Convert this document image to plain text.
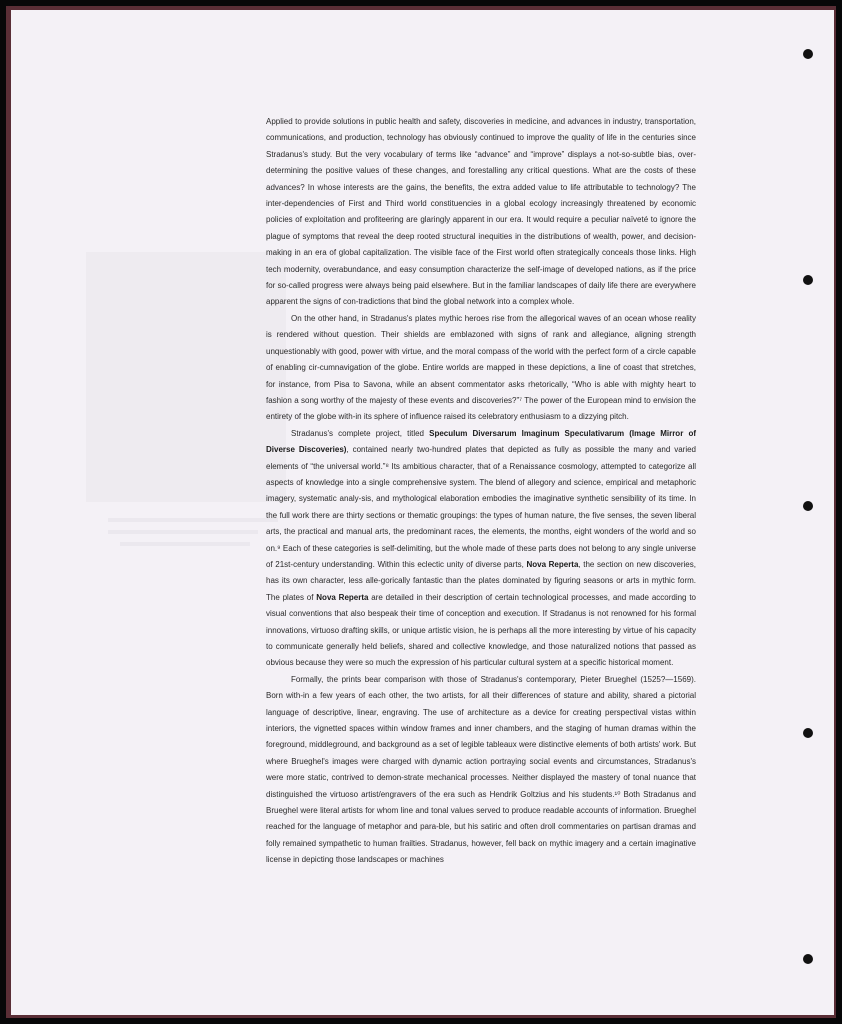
Applied to provide solutions in public health and safety, discoveries in medicine, and advances in industry, transportation, communications, and production, technology has obviously continued to improve the quality of life in the centuries since Stradanus's study. But the very vocabulary of terms like “advance” and “improve” displays a not-so-subtle bias, over-determining the positive values of these changes, and forestalling any critical questions. What are the costs of these advances? In whose interests are the gains, the benefits, the extra added value to life attributable to technology? The inter-dependencies of First and Third world constituencies in a global ecology increasingly threatened by economic policies of exploitation and profiteering are glaringly apparent in our era. It would require a peculiar naïveté to ignore the plague of symptoms that reveal the deep rooted structural inequities in the distributions of wealth, power, and decision-making in an era of global capitalization. The visible face of the First world often strategically conceals those links. High tech modernity, overabundance, and easy consumption characterize the self-image of developed nations, as if the price for so-called progress were always being paid elsewhere. But in the familiar landscapes of daily life there are everywhere apparent the signs of con-tradictions that bind the global network into a complex whole.

On the other hand, in Stradanus's plates mythic heroes rise from the allegorical waves of an ocean whose reality is rendered without question. Their shields are emblazoned with signs of rank and allegiance, aligning strength unquestionably with good, power with virtue, and the moral compass of the world with the perfect form of a circle capable of enabling cir-cumnavigation of the globe. Entire worlds are mapped in these depictions, a line of coast that stretches, for instance, from Pisa to Savona, while an absent commentator asks rhetorically, “Who is able with mighty heart to fashion a song worthy of the majesty of these events and discoveries?”⁷ The power of the European mind to envision the entirety of the globe with-in its sphere of influence raised its celebratory enthusiasm to a dizzying pitch.

Stradanus's complete project, titled Speculum Diversarum Imaginum Speculativarum (Image Mirror of Diverse Discoveries), contained nearly two-hundred plates that depicted as fully as possible the many and varied elements of “the universal world.”⁸ Its ambitious character, that of a Renaissance cosmology, attempted to categorize all aspects of knowledge into a single comprehensive system. The blend of allegory and science, empirical and metaphoric imagery, systematic analy-sis, and mythological elaboration embodies the imaginative synthetic sensibility of its time. In the full work there are thirty sections or thematic groupings: the types of human nature, the five senses, the seven liberal arts, the practical and manual arts, the predominant races, the elements, the months, eight wonders of the world and so on.⁹ Each of these categories is self-delimiting, but the whole made of these parts does not belong to any single universe of 21st-century understanding. Within this eclectic unity of diverse parts, Nova Reperta, the section on new discoveries, has its own character, less alle-gorically fantastic than the plates dominated by figuring seasons or arts in mythic form. The plates of Nova Reperta are detailed in their description of certain technological processes, and made according to visual conventions that also bespeak their time of conception and execution. If Stradanus is not renowned for his formal innovations, virtuoso drafting skills, or unique artistic vision, he is perhaps all the more interesting by virtue of his capacity to communicate generally held beliefs, shared and collective knowledge, and those naturalized notions that passed as obvious because they were so much the expression of his particular cultural system at a specific historical moment.

Formally, the prints bear comparison with those of Stradanus's contemporary, Pieter Brueghel (1525?—1569). Born with-in a few years of each other, the two artists, for all their differences of stature and ability, shared a pictorial language of descriptive, linear, engraving. The use of architecture as a device for creating perspectival vistas within interiors, the vignetted spaces within window frames and inner chambers, and the staging of human dramas within the foreground, middleground, and background as a set of legible tableaux were distinctive elements of both artists' work. But where Brueghel's images were charged with dynamic action portraying social events and circumstances, Stradanus's were more static, contrived to demon-strate mechanical processes. Neither displayed the mastery of tonal nuance that distinguished the virtuoso artist/engravers of the era such as Hendrik Goltzius and his students.¹⁰ Both Stradanus and Brueghel were literal artists for whom line and tonal values served to produce readable accounts of information. Brueghel reached for the language of metaphor and para-ble, but his satiric and often droll commentaries on partisan dramas and folly remained sympathetic to human frailties. Stradanus, however, fell back on mythic imagery and a certain imaginative license in depicting those landscapes or machines
